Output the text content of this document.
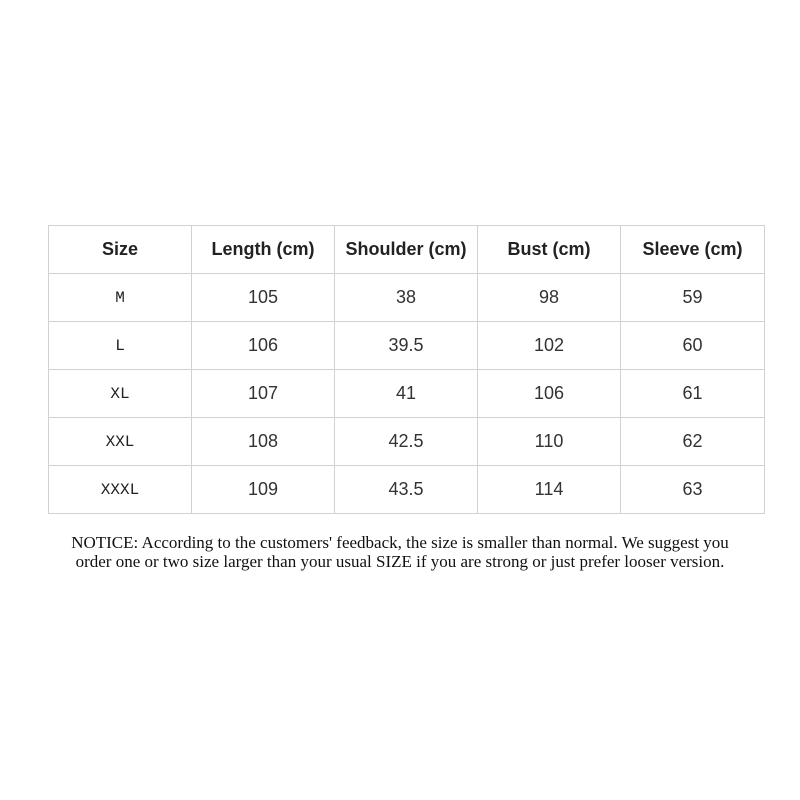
Size	Length (cm)	Shoulder (cm)	Bust (cm)	Sleeve (cm)
M	105	38	98	59
L	106	39.5	102	60
XL	107	41	106	61
XXL	108	42.5	110	62
XXXL	109	43.5	114	63
NOTICE: According to the customers' feedback, the size is smaller than normal. We suggest you
order one or two size larger than your usual SIZE if you are strong or just prefer looser version.
